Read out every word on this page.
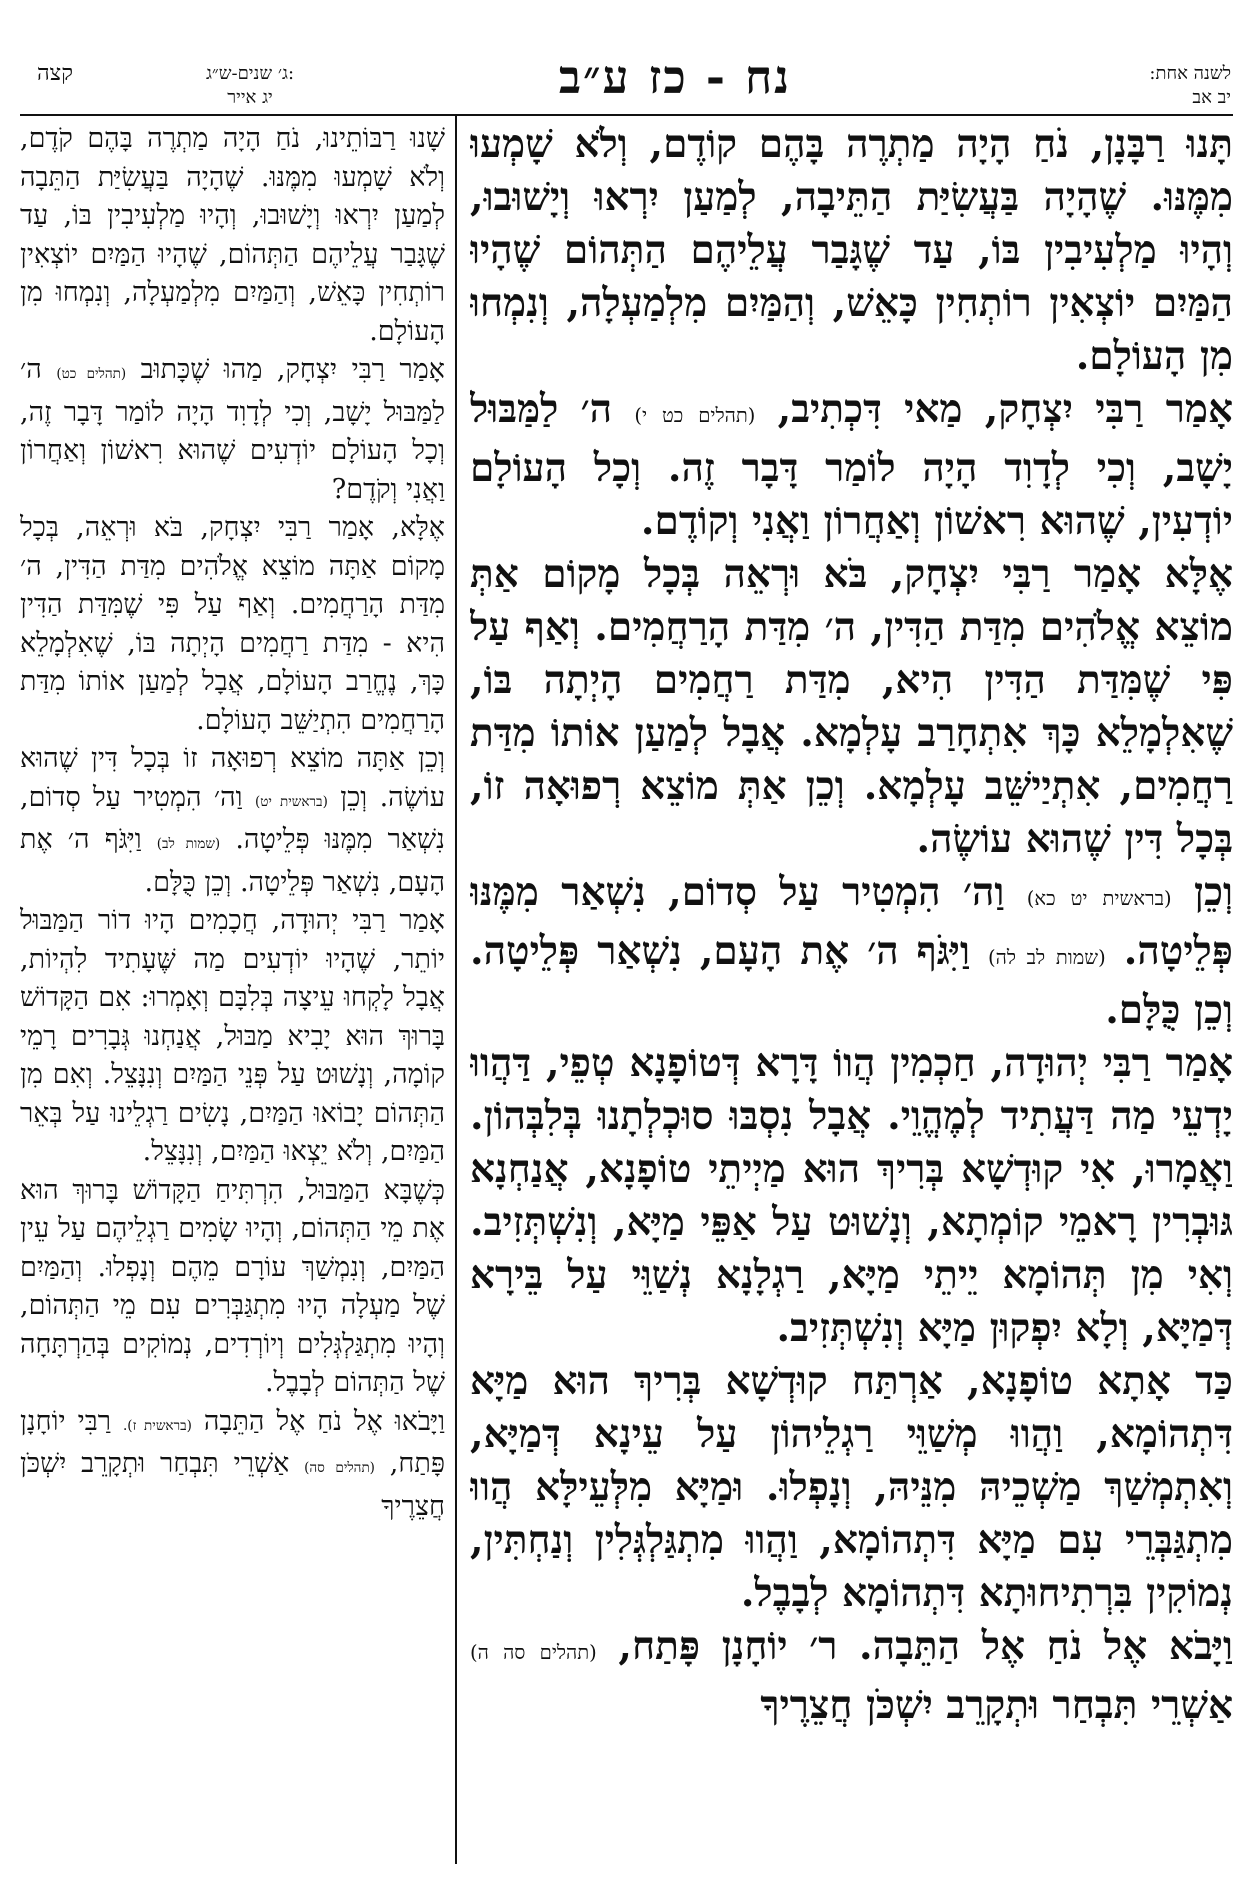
קצה	ג׳ שנים-ש״ג:
יג אייר	נח - כז ע״ב	לשנה אחת:
יב אב

תָּנוּ רַבָּנָן, נֹחַ הָיָה מַתְרֶה בָּהֶם קוֹדֶם, וְלֹא שָׁמְעוּ מִמֶּנּוּ. שֶׁהָיָה בַּעֲשִׂיַּת הַתֵּיבָה, לְמַעַן יִרְאוּ וְיָשׁוּבוּ, וְהָיוּ מַלְעִיבִין בּוֹ, עַד שֶׁגָּבַר עֲלֵיהֶם הַתְּהוֹם שֶׁהָיוּ הַמַּיִם יוֹצְאִין רוֹתְחִין כָּאֵשׁ, וְהַמַּיִם מִלְמַעְלָה, וְנִמְחוּ מִן הָעוֹלָם.

אָמַר רַבִּי יִצְחָק, מַאי דִּכְתִיב, (תהלים כט י) ה׳ לַמַּבּוּל יָשָׁב, וְכִי לְדָוִד הָיָה לוֹמַר דָּבָר זֶה. וְכָל הָעוֹלָם יוֹדְעִין, שֶׁהוּא רִאשׁוֹן וְאַחֲרוֹן וַאֲנִי וְקוֹדֶם.

אֶלָּא אָמַר רַבִּי יִצְחָק, בֹּא וּרְאֵה בְּכָל מָקוֹם אַתְּ מוֹצֵא אֱלֹהִים מִדַּת הַדִּין, ה׳ מִדַּת הָרַחֲמִים. וְאַף עַל פִּי שֶׁמִּדַּת הַדִּין הִיא, מִדַּת רַחֲמִים הָיְתָה בּוֹ, שֶׁאִלְמָלֵא כָּךְ אִתְחָרַב עָלְמָא. אֲבָל לְמַעַן אוֹתוֹ מִדַּת רַחֲמִים, אִתְיַישֵּׁב עָלְמָא. וְכֵן אַתְּ מוֹצֵא רְפוּאָה זוֹ, בְּכָל דִּין שֶׁהוּא עוֹשֶׂה.

וְכֵן (בראשית יט כא) וַה׳ הִמְטִיר עַל סְדוֹם, נִשְׁאַר מִמֶּנּוּ פְּלֵיטָה. (שמות לב לה) וַיִּגֹּף ה׳ אֶת הָעָם, נִשְׁאַר פְּלֵיטָה. וְכֵן כֻּלָּם.

אָמַר רַבִּי יְהוּדָה, חַכְמִין הֲווֹ דָּרָא דְּטוֹפָנָא טְפֵי, דַּהֲווּ יָדְעֵי מַה דַּעֲתִיד לְמֶהֱוֵי. אֲבָל נִסְבּוּ סוּכְלְתָנוּ בְּלִבְּהוֹן. וַאֲמָרוּ, אִי קוּדְשָׁא בְּרִיךְ הוּא מַיְיתֵי טוֹפָנָא, אֲנַחְנָא גּוּבְרִין רָאמֵי קוֹמְתָא, וְנָשׁוּט עַל אַפֵּי מַיָּא, וְנִשְׁתְּזִיב. וְאִי מִן תְּהוֹמָא יֵיתֵי מַיָּא, רַגְלָנָא נְשַׁוֵּי עַל בֵּירָא דְּמַיָּא, וְלָא יִפְקוּן מַיָּא וְנִשְׁתְּזִיב.

כַּד אָתָא טוֹפָנָא, אַרְתַּח קוּדְשָׁא בְּרִיךְ הוּא מַיָּא דִּתְהוֹמָא, וַהֲווּ מְשַׁוֵּי רַגְלֵיהוֹן עַל עֵינָא דְּמַיָּא, וְאִתְמְשַׁךְ מַשְׁכֵיהּ מִנֵּיהּ, וְנָפְלוּ. וּמַיָּא מִלְּעֵילָּא הֲווּ מִתְגַּבְּרֵי עִם מַיָּא דִּתְהוֹמָא, וַהֲווּ מִתְגַּלְגְּלִין וְנַחְתִּין, נְמוֹקִין בִּרְתִיחוּתָא דִּתְהוֹמָא לְבָבֶל.

וַיָּבֹא אֶל נֹחַ אֶל הַתֵּבָה. ר׳ יוֹחָנָן פָּתַח, (תהלים סה ה) אַשְׁרֵי תִּבְחַר וּתְקָרֵב יִשְׁכֹּן חֲצֵרֶיךָ

שָׁנוּ רַבּוֹתֵינוּ, נֹחַ הָיָה מַתְרֶה בָּהֶם קֹדֶם, וְלֹא שָׁמְעוּ מִמֶּנּוּ. שֶׁהָיָה בַּעֲשִׂיַּת הַתֵּבָה לְמַעַן יִרְאוּ וְיָשׁוּבוּ, וְהָיוּ מַלְעִיבִין בּוֹ, עַד שֶׁגָּבַר עֲלֵיהֶם הַתְּהוֹם, שֶׁהָיוּ הַמַּיִם יוֹצְאִין רוֹתְחִין כָּאֵשׁ, וְהַמַּיִם מִלְמַעְלָה, וְנִמְחוּ מִן הָעוֹלָם.

אָמַר רַבִּי יִצְחָק, מַהוּ שֶׁכָּתוּב (תהלים כט) ה׳ לַמַּבּוּל יָשָׁב, וְכִי לְדָוִד הָיָה לוֹמַר דָּבָר זֶה, וְכָל הָעוֹלָם יוֹדְעִים שֶׁהוּא רִאשׁוֹן וְאַחֲרוֹן וַאֲנִי וְקֹדֶם?

אֶלָּא, אָמַר רַבִּי יִצְחָק, בֹּא וּרְאֵה, בְּכָל מָקוֹם אַתָּה מוֹצֵא אֱלֹהִים מִדַּת הַדִּין, ה׳ מִדַּת הָרַחֲמִים. וְאַף עַל פִּי שֶׁמִּדַּת הַדִּין הִיא - מִדַּת רַחֲמִים הָיְתָה בּוֹ, שֶׁאִלְמָלֵא כָּךְ, נֶחֱרַב הָעוֹלָם, אֲבָל לְמַעַן אוֹתוֹ מִדַּת הָרַחֲמִים הִתְיַשֵּׁב הָעוֹלָם.

וְכֵן אַתָּה מוֹצֵא רְפוּאָה זוֹ בְּכָל דִּין שֶׁהוּא עוֹשֶׂה. וְכֵן (בראשית יט) וַה׳ הִמְטִיר עַל סְדוֹם, נִשְׁאַר מִמֶּנּוּ פְּלֵיטָה. (שמות לב) וַיִּגֹּף ה׳ אֶת הָעָם, נִשְׁאַר פְּלֵיטָה. וְכֵן כֻּלָּם.

אָמַר רַבִּי יְהוּדָה, חֲכָמִים הָיוּ דוֹר הַמַּבּוּל יוֹתֵר, שֶׁהָיוּ יוֹדְעִים מַה שֶּׁעָתִיד לִהְיוֹת, אֲבָל לָקְחוּ עֵיצָה בְּלִבָּם וְאָמְרוּ: אִם הַקָּדוֹשׁ בָּרוּךְ הוּא יָבִיא מַבּוּל, אֲנַחְנוּ גְּבָרִים רָמֵי קוֹמָה, וְנָשׁוּט עַל פְּנֵי הַמַּיִם וְנִנָּצֵל. וְאִם מִן הַתְּהוֹם יָבוֹאוּ הַמַּיִם, נָשִׂים רַגְלֵינוּ עַל בְּאֵר הַמַּיִם, וְלֹא יֵצְאוּ הַמַּיִם, וְנִנָּצֵל.

כְּשֶׁבָּא הַמַּבּוּל, הִרְתִּיחַ הַקָּדוֹשׁ בָּרוּךְ הוּא אֶת מֵי הַתְּהוֹם, וְהָיוּ שָׂמִים רַגְלֵיהֶם עַל עֵין הַמַּיִם, וְנִמְשַׁךְ עוֹרָם מֵהֶם וְנָפְלוּ. וְהַמַּיִם שֶׁל מַעְלָה הָיוּ מִתְגַּבְּרִים עִם מֵי הַתְּהוֹם, וְהָיוּ מִתְגַּלְגְּלִים וְיוֹרְדִים, נְמוֹקִים בְּהַרְתָּחָה שֶׁל הַתְּהוֹם לְבָבֶל.

וַיָּבֹאוּ אֶל נֹחַ אֶל הַתֵּבָה (בראשית ז). רַבִּי יוֹחָנָן פָּתַח, (תהלים סה) אַשְׁרֵי תִּבְחַר וּתְקָרֵב יִשְׁכֹּן חֲצֵרֶיךָ
